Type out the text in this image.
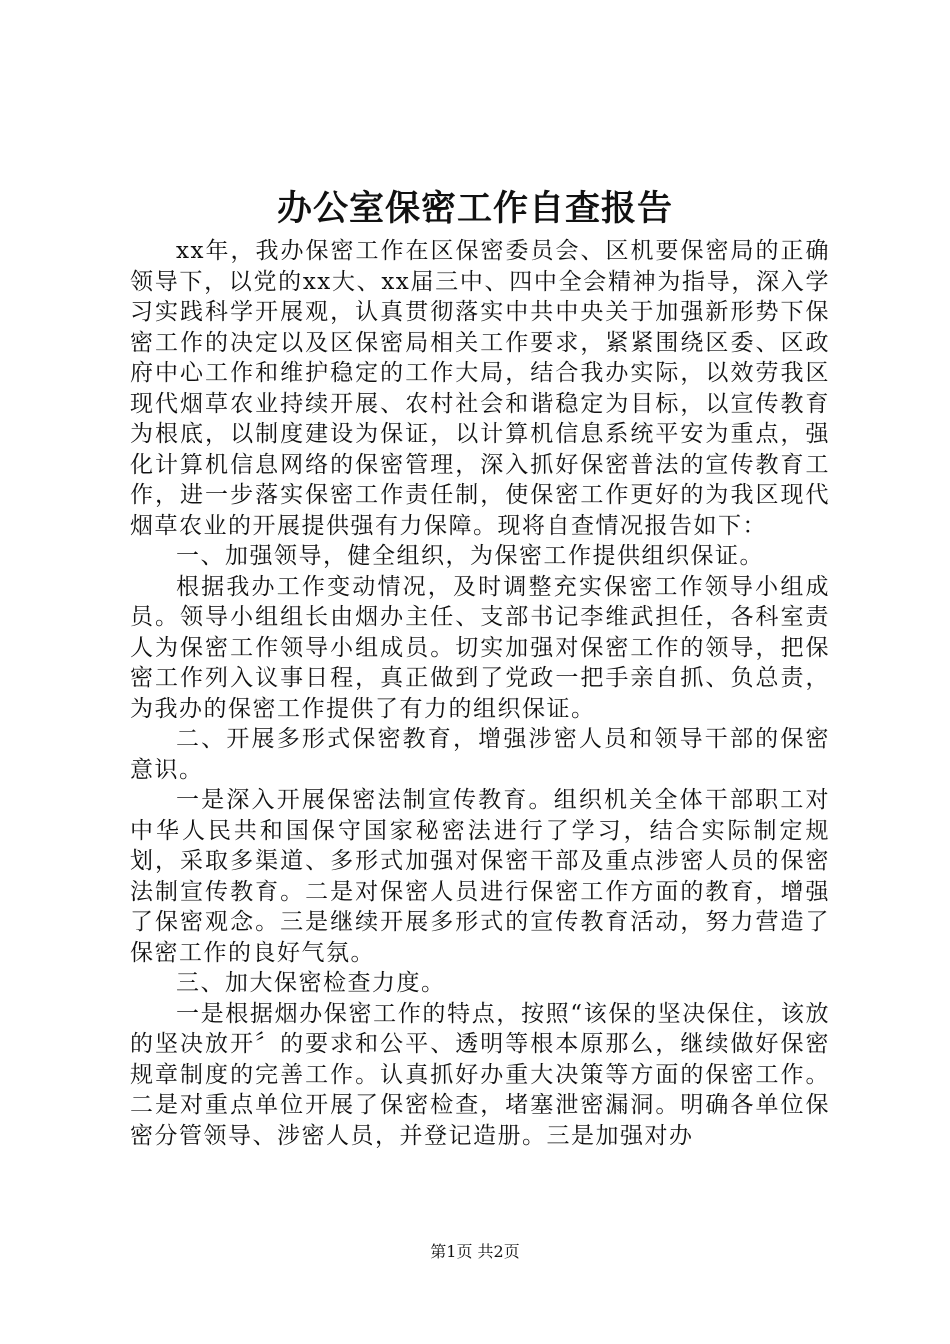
办公室保密工作自查报告

xx年，我办保密工作在区保密委员会、区机要保密局的正确领导下，以党的xx大、xx届三中、四中全会精神为指导，深入学习实践科学开展观，认真贯彻落实中共中央关于加强新形势下保密工作的决定以及区保密局相关工作要求，紧紧围绕区委、区政府中心工作和维护稳定的工作大局，结合我办实际，以效劳我区现代烟草农业持续开展、农村社会和谐稳定为目标，以宣传教育为根底，以制度建设为保证，以计算机信息系统平安为重点，强化计算机信息网络的保密管理，深入抓好保密普法的宣传教育工作，进一步落实保密工作责任制，使保密工作更好的为我区现代烟草农业的开展提供强有力保障。现将自查情况报告如下：

一、加强领导，健全组织，为保密工作提供组织保证。

根据我办工作变动情况，及时调整充实保密工作领导小组成员。领导小组组长由烟办主任、支部书记李维武担任，各科室责人为保密工作领导小组成员。切实加强对保密工作的领导，把保密工作列入议事日程，真正做到了党政一把手亲自抓、负总责，为我办的保密工作提供了有力的组织保证。

二、开展多形式保密教育，增强涉密人员和领导干部的保密意识。

一是深入开展保密法制宣传教育。组织机关全体干部职工对中华人民共和国保守国家秘密法进行了学习，结合实际制定规划，采取多渠道、多形式加强对保密干部及重点涉密人员的保密法制宣传教育。二是对保密人员进行保密工作方面的教育，增强了保密观念。三是继续开展多形式的宣传教育活动，努力营造了保密工作的良好气氛。

三、加大保密检查力度。

一是根据烟办保密工作的特点，按照“该保的坚决保住，该放的坚决放开〞的要求和公平、透明等根本原那么，继续做好保密规章制度的完善工作。认真抓好办重大决策等方面的保密工作。二是对重点单位开展了保密检查，堵塞泄密漏洞。明确各单位保密分管领导、涉密人员，并登记造册。三是加强对办

第1页 共2页
